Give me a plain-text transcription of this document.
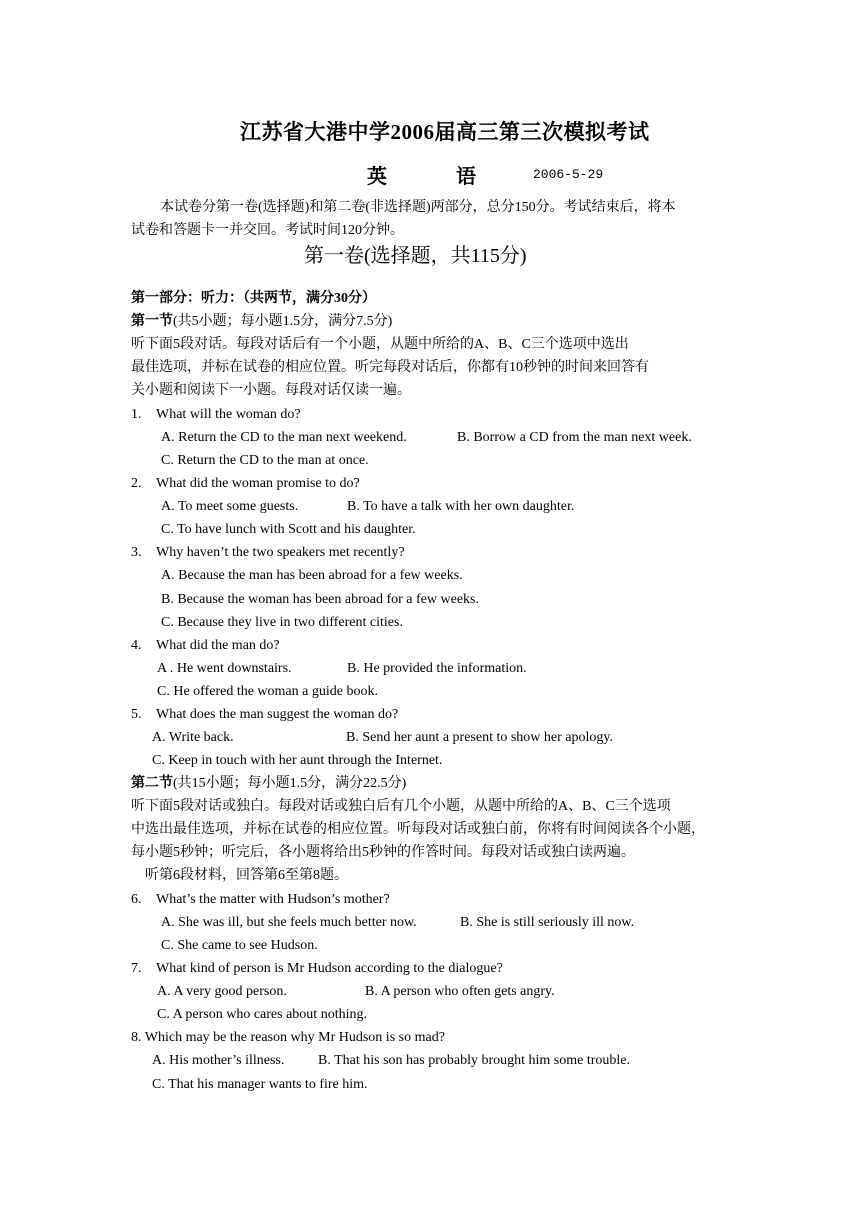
江苏省大港中学2006届高三第三次模拟考试
英	语	2006-5-29
本试卷分第一卷(选择题)和第二卷(非选择题)两部分，总分150分。考试结束后，将本
试卷和答题卡一并交回。考试时间120分钟。
第一卷(选择题，共115分)
第一部分：听力：（共两节，满分30分）
第一节(共5小题；每小题1.5分，满分7.5分)
听下面5段对话。每段对话后有一个小题，从题中所给的A、B、C三个选项中选出
最佳选项，并标在试卷的相应位置。听完每段对话后，你都有10秒钟的时间来回答有
关小题和阅读下一小题。每段对话仅读一遍。
1. What will the woman do?
A. Return the CD to the man next weekend.	B. Borrow a CD from the man next week.
C. Return the CD to the man at once.
2. What did the woman promise to do?
A. To meet some guests.	B. To have a talk with her own daughter.
C. To have lunch with Scott and his daughter.
3. Why haven’t the two speakers met recently?
A. Because the man has been abroad for a few weeks.
B. Because the woman has been abroad for a few weeks.
C. Because they live in two different cities.
4. What did the man do?
A . He went downstairs.	B. He provided the information.
C. He offered the woman a guide book.
5. What does the man suggest the woman do?
A. Write back.	B. Send her aunt a present to show her apology.
C. Keep in touch with her aunt through the Internet.
第二节(共15小题；每小题1.5分，满分22.5分)
听下面5段对话或独白。每段对话或独白后有几个小题，从题中所给的A、B、C三个选项
中选出最佳选项，并标在试卷的相应位置。听每段对话或独白前，你将有时间阅读各个小题，
每小题5秒钟；听完后，各小题将给出5秒钟的作答时间。每段对话或独白读两遍。
听第6段材料，回答第6至第8题。
6. What’s the matter with Hudson’s mother?
A. She was ill, but she feels much better now.	B. She is still seriously ill now.
C. She came to see Hudson.
7. What kind of person is Mr Hudson according to the dialogue?
A. A very good person.	B. A person who often gets angry.
C. A person who cares about nothing.
8. Which may be the reason why Mr Hudson is so mad?
A. His mother’s illness. B. That his son has probably brought him some trouble.
C. That his manager wants to fire him.
